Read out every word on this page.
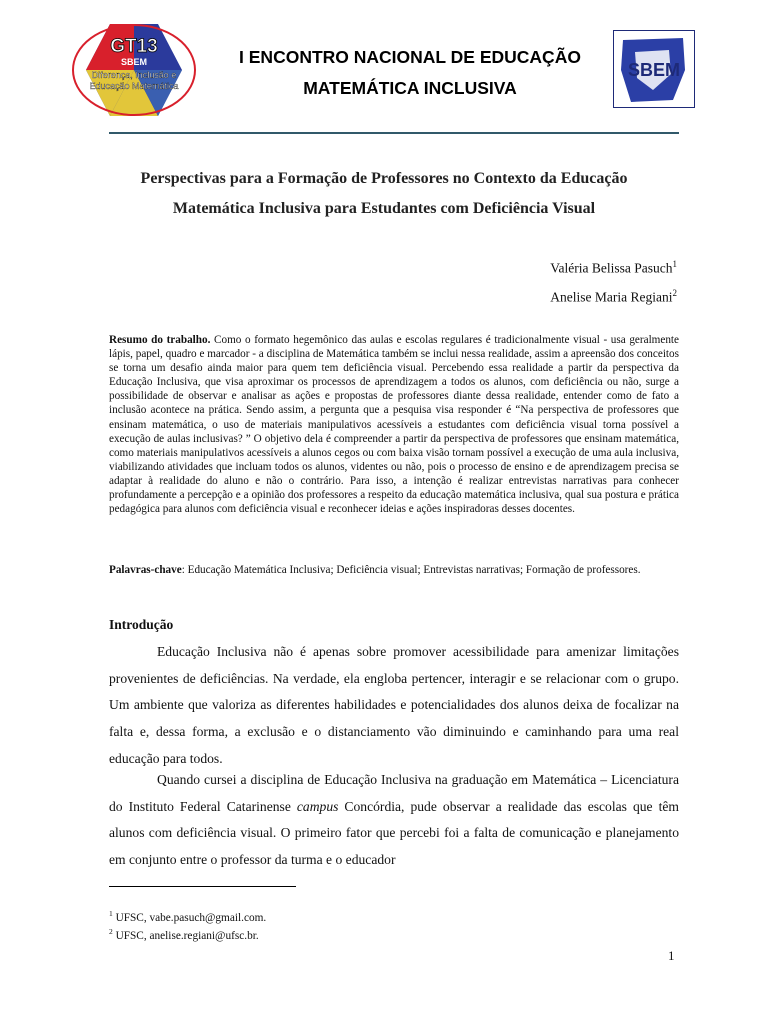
GT13
SBEM
Diferença, Inclusão e
Educação Matemática
I ENCONTRO NACIONAL DE EDUCAÇÃO
MATEMÁTICA INCLUSIVA
SBEM
Perspectivas para a Formação de Professores no Contexto da Educação
Matemática Inclusiva para Estudantes com Deficiência Visual
Valéria Belissa Pasuch$^1$
Anelise Maria Regiani$^2$
Resumo do trabalho. Como o formato hegemônico das aulas e escolas regulares é tradicionalmente visual - usa geralmente lápis, papel, quadro e marcador - a disciplina de Matemática também se inclui nessa realidade, assim a apreensão dos conceitos se torna um desafio ainda maior para quem tem deficiência visual. Percebendo essa realidade a partir da perspectiva da Educação Inclusiva, que visa aproximar os processos de aprendizagem a todos os alunos, com deficiência ou não, surge a possibilidade de observar e analisar as ações e propostas de professores diante dessa realidade, entender como de fato a inclusão acontece na prática. Sendo assim, a pergunta que a pesquisa visa responder é “Na perspectiva de professores que ensinam matemática, o uso de materiais manipulativos acessíveis a estudantes com deficiência visual torna possível a execução de aulas inclusivas? ” O objetivo dela é compreender a partir da perspectiva de professores que ensinam matemática, como materiais manipulativos acessíveis a alunos cegos ou com baixa visão tornam possível a execução de uma aula inclusiva, viabilizando atividades que incluam todos os alunos, videntes ou não, pois o processo de ensino e de aprendizagem precisa se adaptar à realidade do aluno e não o contrário. Para isso, a intenção é realizar entrevistas narrativas para conhecer profundamente a percepção e a opinião dos professores a respeito da educação matemática inclusiva, qual sua postura e prática pedagógica para alunos com deficiência visual e reconhecer ideias e ações inspiradoras desses docentes.
Palavras-chave: Educação Matemática Inclusiva; Deficiência visual; Entrevistas narrativas; Formação de professores.
Introdução
Educação Inclusiva não é apenas sobre promover acessibilidade para amenizar limitações provenientes de deficiências. Na verdade, ela engloba pertencer, interagir e se relacionar com o grupo. Um ambiente que valoriza as diferentes habilidades e potencialidades dos alunos deixa de focalizar na falta e, dessa forma, a exclusão e o distanciamento vão diminuindo e caminhando para uma real educação para todos.
Quando cursei a disciplina de Educação Inclusiva na graduação em Matemática – Licenciatura do Instituto Federal Catarinense campus Concórdia, pude observar a realidade das escolas que têm alunos com deficiência visual. O primeiro fator que percebi foi a falta de comunicação e planejamento em conjunto entre o professor da turma e o educador
$^1$ UFSC, vabe.pasuch@gmail.com.
$^2$ UFSC, anelise.regiani@ufsc.br.
1
